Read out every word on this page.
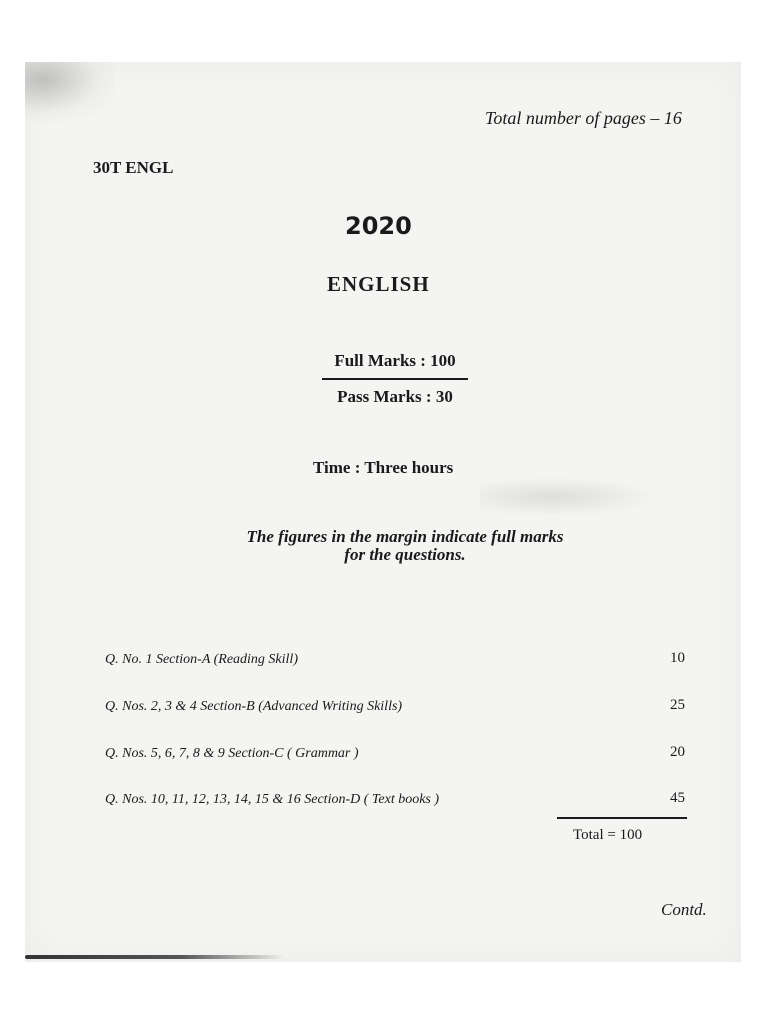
Total number of pages – 16
30T ENGL
2020
ENGLISH
Full Marks : 100
Pass Marks : 30
Time : Three hours
The figures in the margin indicate full marks
for the questions.
Q. No. 1 Section-A (Reading Skill)	10
Q. Nos. 2, 3 & 4 Section-B (Advanced Writing Skills)	25
Q. Nos. 5, 6, 7, 8 & 9 Section-C ( Grammar )	20
Q. Nos. 10, 11, 12, 13, 14, 15 & 16 Section-D ( Text books )	45
Total = 100
Contd.
